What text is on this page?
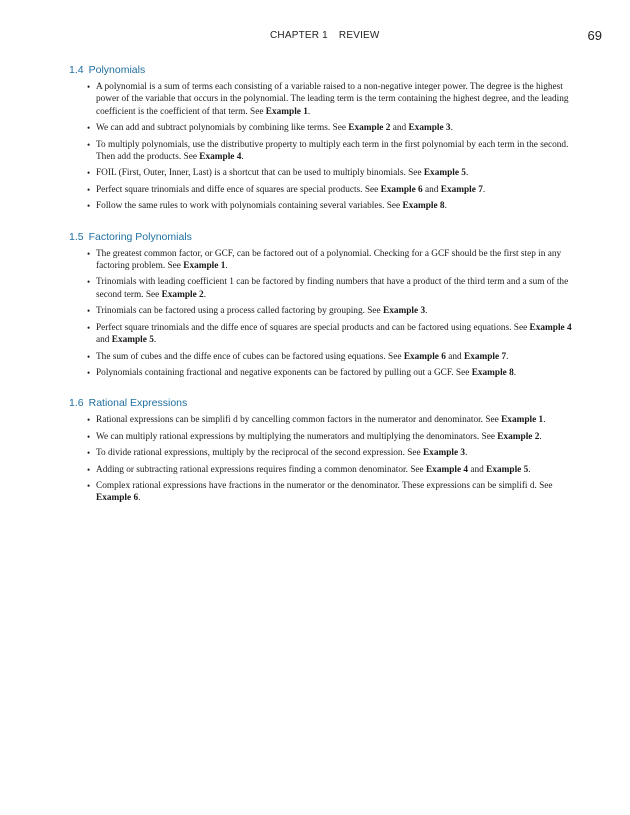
CHAPTER 1 REVIEW	69
1.4 Polynomials
• A polynomial is a sum of terms each consisting of a variable raised to a non-negative integer power. The degree is the highest power of the variable that occurs in the polynomial. The leading term is the term containing the highest degree, and the leading coefficient is the coefficient of that term. See Example 1.
• We can add and subtract polynomials by combining like terms. See Example 2 and Example 3.
• To multiply polynomials, use the distributive property to multiply each term in the first polynomial by each term in the second. Then add the products. See Example 4.
• FOIL (First, Outer, Inner, Last) is a shortcut that can be used to multiply binomials. See Example 5.
• Perfect square trinomials and diffe ence of squares are special products. See Example 6 and Example 7.
• Follow the same rules to work with polynomials containing several variables. See Example 8.
1.5 Factoring Polynomials
• The greatest common factor, or GCF, can be factored out of a polynomial. Checking for a GCF should be the first step in any factoring problem. See Example 1.
• Trinomials with leading coefficient 1 can be factored by finding numbers that have a product of the third term and a sum of the second term. See Example 2.
• Trinomials can be factored using a process called factoring by grouping. See Example 3.
• Perfect square trinomials and the diffe ence of squares are special products and can be factored using equations. See Example 4 and Example 5.
• The sum of cubes and the diffe ence of cubes can be factored using equations. See Example 6 and Example 7.
• Polynomials containing fractional and negative exponents can be factored by pulling out a GCF. See Example 8.
1.6 Rational Expressions
• Rational expressions can be simplifi d by cancelling common factors in the numerator and denominator. See Example 1.
• We can multiply rational expressions by multiplying the numerators and multiplying the denominators. See Example 2.
• To divide rational expressions, multiply by the reciprocal of the second expression. See Example 3.
• Adding or subtracting rational expressions requires finding a common denominator. See Example 4 and Example 5.
• Complex rational expressions have fractions in the numerator or the denominator. These expressions can be simplifi d. See Example 6.
